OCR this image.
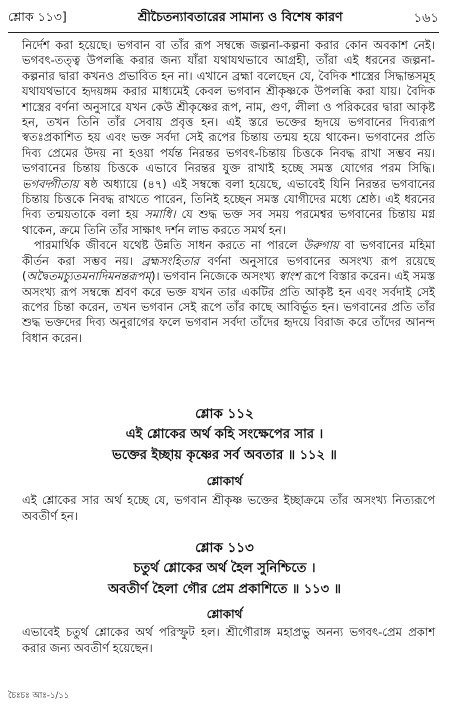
শ্লোক ১১৩]	শ্রীচৈতন্যাবতারের সামান্য ও বিশেষ কারণ	১৬১

নির্দেশ করা হয়েছে। ভগবান বা তাঁর রূপ সম্বন্ধে জল্পনা-কল্পনা করার কোন অবকাশ নেই। ভগবৎ-তত্ত্ব উপলব্ধি করার জন্য যাঁরা যথাযথভাবে আগ্রহী, তাঁরা এই ধরনের জল্পনা-কল্পনার দ্বারা কখনও প্রভাবিত হন না। এখানে ব্রহ্মা বলেছেন যে, বৈদিক শাস্ত্রের সিদ্ধান্তসমূহ যথাযথভাবে হৃদয়ঙ্গম করার মাধ্যমেই কেবল ভগবান শ্রীকৃষ্ণকে উপলব্ধি করা যায়। বৈদিক শাস্ত্রের বর্ণনা অনুসারে যখন কেউ শ্রীকৃষ্ণের রূপ, নাম, গুণ, লীলা ও পরিকরের দ্বারা আকৃষ্ট হন, তখন তিনি তাঁর সেবায় প্রবৃত্ত হন। এই স্তরে ভক্তের হৃদয়ে ভগবানের দিব্যরূপ স্বতঃপ্রকাশিত হয় এবং ভক্ত সর্বদা সেই রূপের চিন্তায় তন্ময় হয়ে থাকেন। ভগবানের প্রতি দিব্য প্রেমের উদয় না হওয়া পর্যন্ত নিরন্তর ভগবৎ-চিন্তায় চিত্তকে নিবদ্ধ রাখা সম্ভব নয়। ভগবানের চিন্তায় চিত্তকে এভাবে নিরন্তর যুক্ত রাখাই হচ্ছে সমস্ত যোগের পরম সিদ্ধি। ভগবদ্গীতায় ষষ্ঠ অধ্যায়ে (৪৭) এই সম্বন্ধে বলা হয়েছে, এভাবেই যিনি নিরন্তর ভগবানের চিন্তায় চিত্তকে নিবদ্ধ রাখতে পারেন, তিনিই হচ্ছেন সমস্ত যোগীদের মধ্যে শ্রেষ্ঠ। এই ধরনের দিব্য তন্ময়তাকে বলা হয় সমাধি। যে শুদ্ধ ভক্ত সব সময় পরমেশ্বর ভগবানের চিন্তায় মগ্ন থাকেন, ক্রমে তিনি তাঁর সাক্ষাৎ দর্শন লাভ করতে সমর্থ হন।

পারমার্থিক জীবনে যথেষ্ট উন্নতি সাধন করতে না পারলে উরুগায় বা ভগবানের মহিমা কীর্তন করা সম্ভব নয়। ব্রহ্মসংহিতার বর্ণনা অনুসারে ভগবানের অসংখ্য রূপ রয়েছে (অদ্বৈতমচ্যুতমনাদিমনন্তরূপম্)। ভগবান নিজেকে অসংখ্য স্বাংশ রূপে বিস্তার করেন। এই সমস্ত অসংখ্য রূপ সম্বন্ধে শ্রবণ করে ভক্ত যখন তার একটির প্রতি আকৃষ্ট হন এবং সর্বদাই সেই রূপের চিন্তা করেন, তখন ভগবান সেই রূপে তাঁর কাছে আবির্ভূত হন। ভগবানের প্রতি তাঁর শুদ্ধ ভক্তদের দিব্য অনুরাগের ফলে ভগবান সর্বদা তাঁদের হৃদয়ে বিরাজ করে তাঁদের আনন্দ বিধান করেন।

শ্লোক ১১২
এই শ্লোকের অর্থ কহি সংক্ষেপের সার ।
ভক্তের ইচ্ছায় কৃষ্ণের সর্ব অবতার ॥ ১১২ ॥
শ্লোকার্থ
এই শ্লোকের সার অর্থ হচ্ছে যে, ভগবান শ্রীকৃষ্ণ ভক্তের ইচ্ছাক্রমে তাঁর অসংখ্য নিত্যরূপে অবতীর্ণ হন।
শ্লোক ১১৩
চতুর্থ শ্লোকের অর্থ হৈল সুনিশ্চিতে ।
অবতীর্ণ হৈলা গৌর প্রেম প্রকাশিতে ॥ ১১৩ ॥
শ্লোকার্থ
এভাবেই চতুর্থ শ্লোকের অর্থ পরিস্ফুট হল। শ্রীগৌরাঙ্গ মহাপ্রভু অনন্য ভগবৎ-প্রেম প্রকাশ করার জন্য অবতীর্ণ হয়েছেন।
চৈঃচঃ আঃ-১/১১
